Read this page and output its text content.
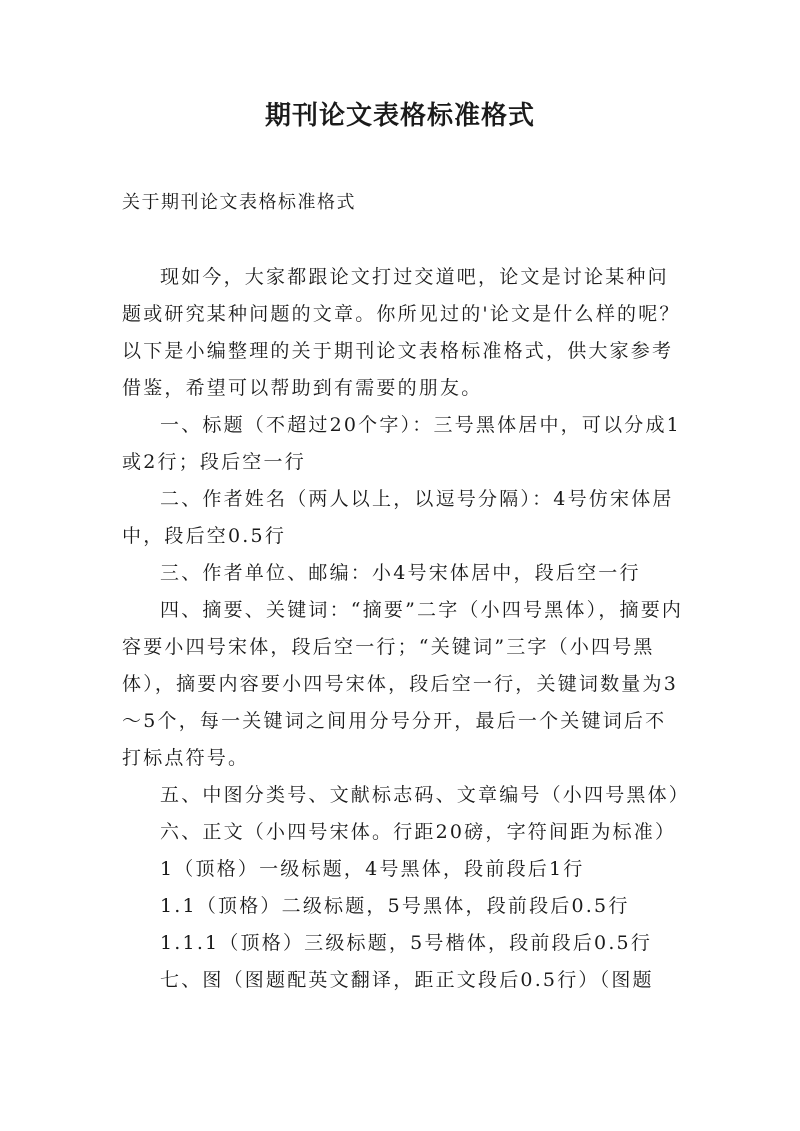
期刊论文表格标准格式

关于期刊论文表格标准格式

现如今，大家都跟论文打过交道吧，论文是讨论某种问题或研究某种问题的文章。你所见过的'论文是什么样的呢？以下是小编整理的关于期刊论文表格标准格式，供大家参考借鉴，希望可以帮助到有需要的朋友。

一、标题（不超过20个字）：三号黑体居中，可以分成1或2行；段后空一行

二、作者姓名（两人以上，以逗号分隔）：4号仿宋体居中，段后空0.5行

三、作者单位、邮编：小4号宋体居中，段后空一行

四、摘要、关键词：“摘要”二字（小四号黑体），摘要内容要小四号宋体，段后空一行；“关键词”三字（小四号黑体），摘要内容要小四号宋体，段后空一行，关键词数量为3～5个，每一关键词之间用分号分开，最后一个关键词后不打标点符号。

五、中图分类号、文献标志码、文章编号（小四号黑体）

六、正文（小四号宋体。行距20磅，字符间距为标准）

1（顶格）一级标题，4号黑体，段前段后1行

1.1（顶格）二级标题，5号黑体，段前段后0.5行

1.1.1（顶格）三级标题，5号楷体，段前段后0.5行

七、图（图题配英文翻译，距正文段后0.5行）（图题
